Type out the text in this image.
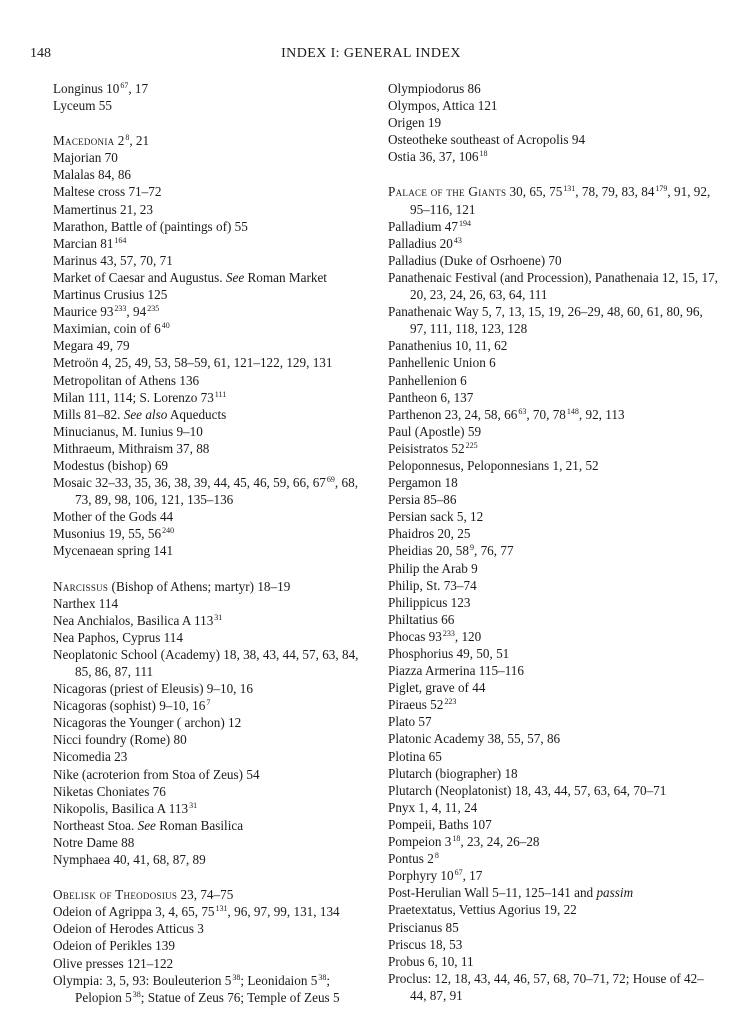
148	INDEX I: GENERAL INDEX

Longinus $10^{67}$, 17

Lyceum 55

Macedonia $2^8$, 21

Majorian 70

Malalas 84, 86

Maltese cross 71–72

Mamertinus 21, 23

Marathon, Battle of (paintings of) 55

Marcian $81^{164}$

Marinus 43, 57, 70, 71

Market of Caesar and Augustus. See Roman Market

Martinus Crusius 125

Maurice $93^{233}$, $94^{235}$

Maximian, coin of $6^{40}$

Megara 49, 79

Metroön 4, 25, 49, 53, 58–59, 61, 121–122, 129, 131

Metropolitan of Athens 136

Milan 111, 114; S. Lorenzo $73^{111}$

Mills 81–82. See also Aqueducts

Minucianus, M. Iunius 9–10

Mithraeum, Mithraism 37, 88

Modestus (bishop) 69

Mosaic 32–33, 35, 36, 38, 39, 44, 45, 46, 59, 66, $67^{69}$, 68, 73, 89, 98, 106, 121, 135–136

Mother of the Gods 44

Musonius 19, 55, $56^{240}$

Mycenaean spring 141

Narcissus (Bishop of Athens; martyr) 18–19

Narthex 114

Nea Anchialos, Basilica A $113^{31}$

Nea Paphos, Cyprus 114

Neoplatonic School (Academy) 18, 38, 43, 44, 57, 63, 84, 85, 86, 87, 111

Nicagoras (priest of Eleusis) 9–10, 16

Nicagoras (sophist) 9–10, $16^7$

Nicagoras the Younger ( archon) 12

Nicci foundry (Rome) 80

Nicomedia 23

Nike (acroterion from Stoa of Zeus) 54

Niketas Choniates 76

Nikopolis, Basilica A $113^{31}$

Northeast Stoa. See Roman Basilica

Notre Dame 88

Nymphaea 40, 41, 68, 87, 89

Obelisk of Theodosius 23, 74–75

Odeion of Agrippa 3, 4, 65, $75^{131}$, 96, 97, 99, 131, 134

Odeion of Herodes Atticus 3

Odeion of Perikles 139

Olive presses 121–122

Olympia: 3, 5, 93: Bouleuterion $5^{38}$; Leonidaion $5^{38}$; Pelopion $5^{38}$; Statue of Zeus 76; Temple of Zeus 5

Olympiodorus 86

Olympos, Attica 121

Origen 19

Osteotheke southeast of Acropolis 94

Ostia 36, 37, $106^{18}$

Palace of the Giants 30, 65, $75^{131}$, 78, 79, 83, $84^{179}$, 91, 92, 95–116, 121

Palladium $47^{194}$

Palladius $20^{43}$

Palladius (Duke of Osrhoene) 70

Panathenaic Festival (and Procession), Panathenaia 12, 15, 17, 20, 23, 24, 26, 63, 64, 111

Panathenaic Way 5, 7, 13, 15, 19, 26–29, 48, 60, 61, 80, 96, 97, 111, 118, 123, 128

Panathenius 10, 11, 62

Panhellenic Union 6

Panhellenion 6

Pantheon 6, 137

Parthenon 23, 24, 58, $66^{63}$, 70, $78^{148}$, 92, 113

Paul (Apostle) 59

Peisistratos $52^{225}$

Peloponnesus, Peloponnesians 1, 21, 52

Pergamon 18

Persia 85–86

Persian sack 5, 12

Phaidros 20, 25

Pheidias 20, $58^9$, 76, 77

Philip the Arab 9

Philip, St. 73–74

Philippicus 123

Philtatius 66

Phocas $93^{233}$, 120

Phosphorius 49, 50, 51

Piazza Armerina 115–116

Piglet, grave of 44

Piraeus $52^{223}$

Plato 57

Platonic Academy 38, 55, 57, 86

Plotina 65

Plutarch (biographer) 18

Plutarch (Neoplatonist) 18, 43, 44, 57, 63, 64, 70–71

Pnyx 1, 4, 11, 24

Pompeii, Baths 107

Pompeion $3^{18}$, 23, 24, 26–28

Pontus $2^8$

Porphyry $10^{67}$, 17

Post-Herulian Wall 5–11, 125–141 and passim

Praetextatus, Vettius Agorius 19, 22

Priscianus 85

Priscus 18, 53

Probus 6, 10, 11

Proclus: 12, 18, 43, 44, 46, 57, 68, 70–71, 72; House of 42–44, 87, 91
